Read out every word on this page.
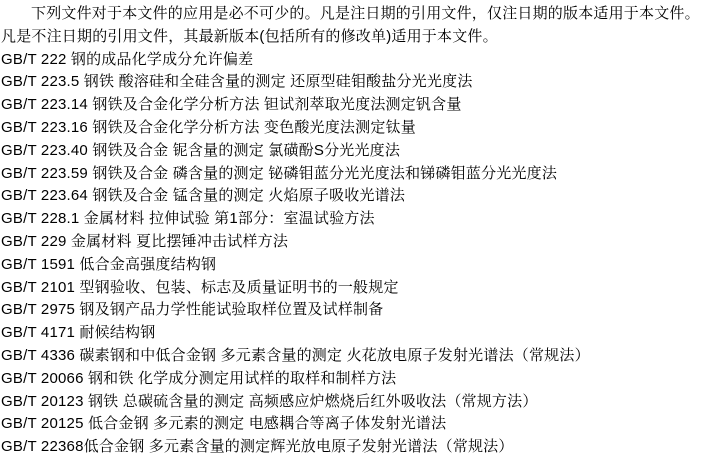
下列文件对于本文件的应用是必不可少的。凡是注日期的引用文件，仅注日期的版本适用于本文件。凡是不注日期的引用文件，其最新版本(包括所有的修改单)适用于本文件。

GB/T 222 钢的成品化学成分允许偏差
GB/T 223.5 钢铁 酸溶硅和全硅含量的测定 还原型硅钼酸盐分光光度法
GB/T 223.14 钢铁及合金化学分析方法 钽试剂萃取光度法测定钒含量
GB/T 223.16 钢铁及合金化学分析方法 变色酸光度法测定钛量
GB/T 223.40 钢铁及合金 铌含量的测定 氯磺酚S分光光度法
GB/T 223.59 钢铁及合金 磷含量的测定 铋磷钼蓝分光光度法和锑磷钼蓝分光光度法
GB/T 223.64 钢铁及合金 锰含量的测定 火焰原子吸收光谱法
GB/T 228.1 金属材料 拉伸试验 第1部分：室温试验方法
GB/T 229 金属材料 夏比摆锤冲击试样方法
GB/T 1591 低合金高强度结构钢
GB/T 2101 型钢验收、包装、标志及质量证明书的一般规定
GB/T 2975 钢及钢产品力学性能试验取样位置及试样制备
GB/T 4171 耐候结构钢
GB/T 4336 碳素钢和中低合金钢 多元素含量的测定 火花放电原子发射光谱法（常规法）
GB/T 20066 钢和铁 化学成分测定用试样的取样和制样方法
GB/T 20123 钢铁 总碳硫含量的测定 高频感应炉燃烧后红外吸收法（常规方法）
GB/T 20125 低合金钢 多元素的测定 电感耦合等离子体发射光谱法
GB/T 22368低合金钢 多元素含量的测定辉光放电原子发射光谱法（常规法）
